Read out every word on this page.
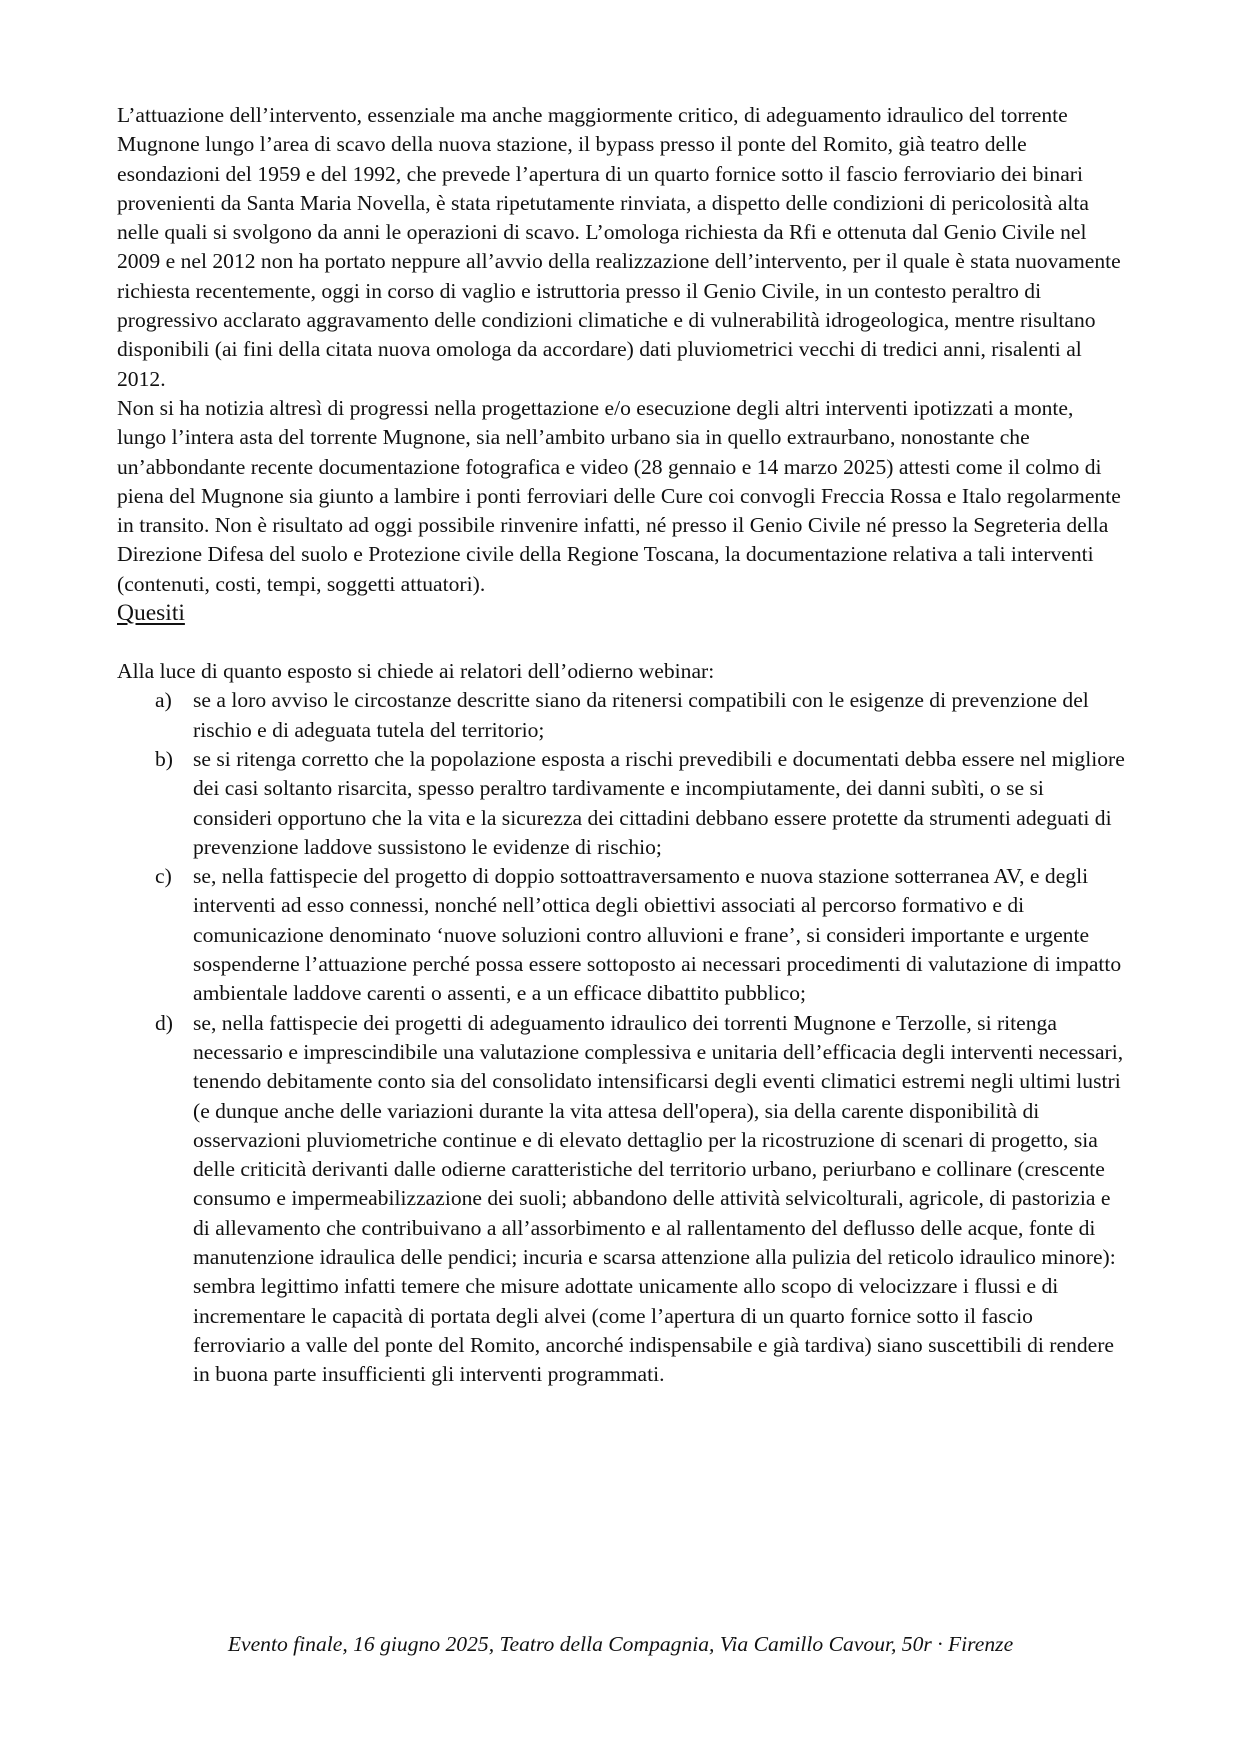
L’attuazione dell’intervento, essenziale ma anche maggiormente critico, di adeguamento idraulico del torrente Mugnone lungo l’area di scavo della nuova stazione, il bypass presso il ponte del Romito, già teatro delle esondazioni del 1959 e del 1992, che prevede l’apertura di un quarto fornice sotto il fascio ferroviario dei binari provenienti da Santa Maria Novella, è stata ripetutamente rinviata, a dispetto delle condizioni di pericolosità alta nelle quali si svolgono da anni le operazioni di scavo. L’omologa richiesta da Rfi e ottenuta dal Genio Civile nel 2009 e nel 2012 non ha portato neppure all’avvio della realizzazione dell’intervento, per il quale è stata nuovamente richiesta recentemente, oggi in corso di vaglio e istruttoria presso il Genio Civile, in un contesto peraltro di progressivo acclarato aggravamento delle condizioni climatiche e di vulnerabilità idrogeologica, mentre risultano disponibili (ai fini della citata nuova omologa da accordare) dati pluviometrici vecchi di tredici anni, risalenti al 2012.

Non si ha notizia altresì di progressi nella progettazione e/o esecuzione degli altri interventi ipotizzati a monte, lungo l’intera asta del torrente Mugnone, sia nell’ambito urbano sia in quello extraurbano, nonostante che un’abbondante recente documentazione fotografica e video (28 gennaio e 14 marzo 2025) attesti come il colmo di piena del Mugnone sia giunto a lambire i ponti ferroviari delle Cure coi convogli Freccia Rossa e Italo regolarmente in transito. Non è risultato ad oggi possibile rinvenire infatti, né presso il Genio Civile né presso la Segreteria della Direzione Difesa del suolo e Protezione civile della Regione Toscana, la documentazione relativa a tali interventi (contenuti, costi, tempi, soggetti attuatori).

Quesiti

Alla luce di quanto esposto si chiede ai relatori dell’odierno webinar:

a) se a loro avviso le circostanze descritte siano da ritenersi compatibili con le esigenze di prevenzione del rischio e di adeguata tutela del territorio;
b) se si ritenga corretto che la popolazione esposta a rischi prevedibili e documentati debba essere nel migliore dei casi soltanto risarcita, spesso peraltro tardivamente e incompiutamente, dei danni subìti, o se si consideri opportuno che la vita e la sicurezza dei cittadini debbano essere protette da strumenti adeguati di prevenzione laddove sussistono le evidenze di rischio;
c) se, nella fattispecie del progetto di doppio sottoattraversamento e nuova stazione sotterranea AV, e degli interventi ad esso connessi, nonché nell’ottica degli obiettivi associati al percorso formativo e di comunicazione denominato ‘nuove soluzioni contro alluvioni e frane’, si consideri importante e urgente sospenderne l’attuazione perché possa essere sottoposto ai necessari procedimenti di valutazione di impatto ambientale laddove carenti o assenti, e a un efficace dibattito pubblico;
d) se, nella fattispecie dei progetti di adeguamento idraulico dei torrenti Mugnone e Terzolle, si ritenga necessario e imprescindibile una valutazione complessiva e unitaria dell’efficacia degli interventi necessari, tenendo debitamente conto sia del consolidato intensificarsi degli eventi climatici estremi negli ultimi lustri (e dunque anche delle variazioni durante la vita attesa dell'opera), sia della carente disponibilità di osservazioni pluviometriche continue e di elevato dettaglio per la ricostruzione di scenari di progetto, sia delle criticità derivanti dalle odierne caratteristiche del territorio urbano, periurbano e collinare (crescente consumo e impermeabilizzazione dei suoli; abbandono delle attività selvicolturali, agricole, di pastorizia e di allevamento che contribuivano a all’assorbimento e al rallentamento del deflusso delle acque, fonte di manutenzione idraulica delle pendici; incuria e scarsa attenzione alla pulizia del reticolo idraulico minore): sembra legittimo infatti temere che misure adottate unicamente allo scopo di velocizzare i flussi e di incrementare le capacità di portata degli alvei (come l’apertura di un quarto fornice sotto il fascio ferroviario a valle del ponte del Romito, ancorché indispensabile e già tardiva) siano suscettibili di rendere in buona parte insufficienti gli interventi programmati.
Evento finale, 16 giugno 2025, Teatro della Compagnia, Via Camillo Cavour, 50r · Firenze
